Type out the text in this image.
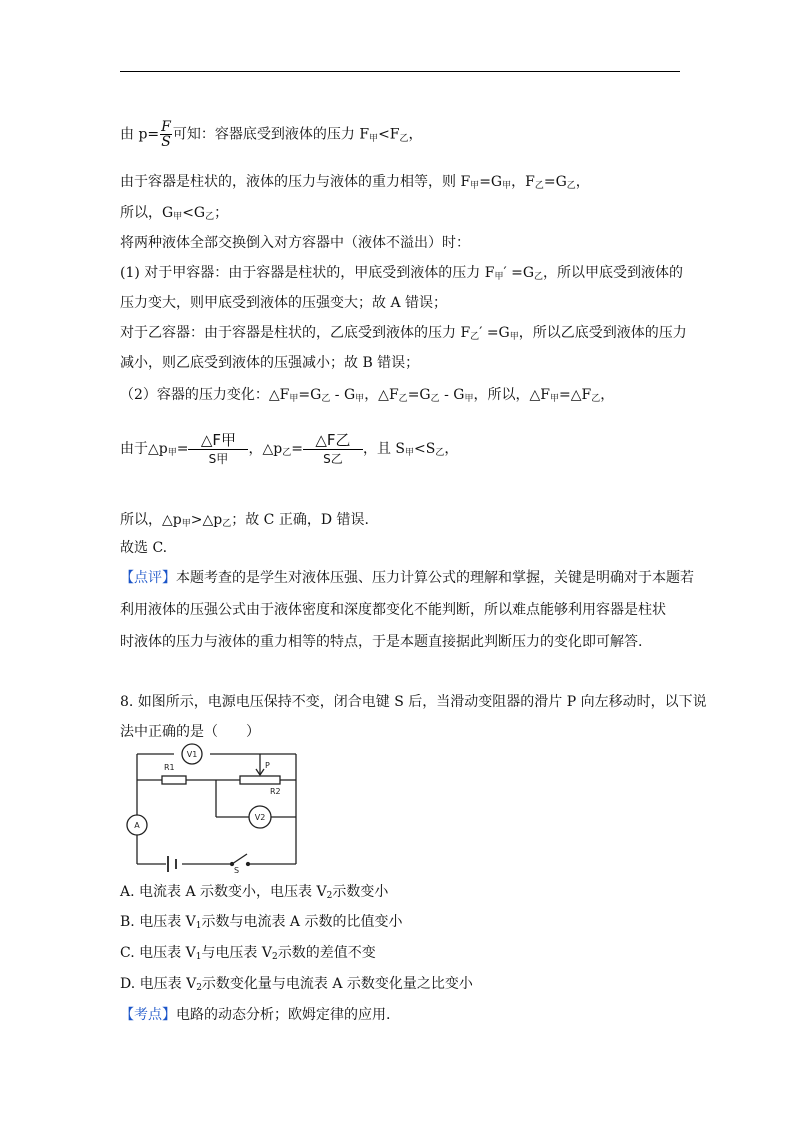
由 $p= \frac{F}{S}$ 可知：容器底受到液体的压力 F甲<F乙，
由于容器是柱状的，液体的压力与液体的重力相等，则 F甲=G甲，F乙=G乙，
所以，G甲<G乙；
将两种液体全部交换倒入对方容器中（液体不溢出）时：
(1) 对于甲容器：由于容器是柱状的，甲底受到液体的压力 F甲′ =G乙，所以甲底受到液体的
压力变大，则甲底受到液体的压强变大；故 A 错误；
对于乙容器：由于容器是柱状的，乙底受到液体的压力 F乙′ =G甲，所以乙底受到液体的压力
减小，则乙底受到液体的压强减小；故 B 错误；
（2）容器的压力变化：△F甲=G乙 - G甲，△F乙=G乙 - G甲，所以，△F甲=△F乙，
由于△p甲= $\frac{\text{△F甲}}{\text{S甲}}$ ，△p乙= $\frac{\text{△F乙}}{\text{S乙}}$ ，且 S甲<S乙，
所以，△p甲>△p乙；故 C 正确，D 错误.
故选 C.
【点评】本题考查的是学生对液体压强、压力计算公式的理解和掌握，关键是明确对于本题若
利用液体的压强公式由于液体密度和深度都变化不能判断，所以难点能够利用容器是柱状
时液体的压力与液体的重力相等的特点，于是本题直接据此判断压力的变化即可解答.
8. 如图所示，电源电压保持不变，闭合电键 S 后，当滑动变阻器的滑片 P 向左移动时，以下说
法中正确的是（　　）
V1
V2
A
R1
R2
P
S
A. 电流表 A 示数变小，电压表 V2示数变小
B. 电压表 V1示数与电流表 A 示数的比值变小
C. 电压表 V1与电压表 V2示数的差值不变
D. 电压表 V2示数变化量与电流表 A 示数变化量之比变小
【考点】电路的动态分析；欧姆定律的应用.
